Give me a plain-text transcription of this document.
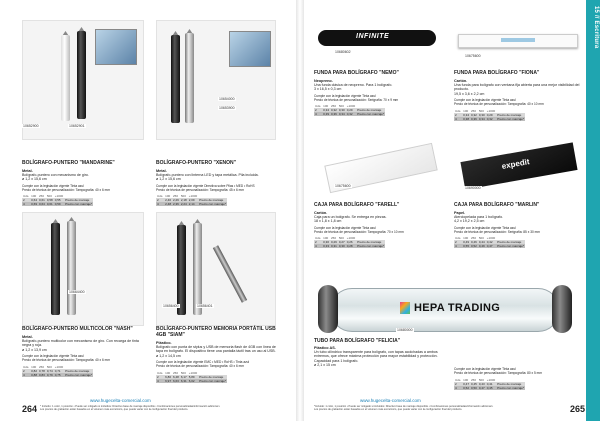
10652900	10652901
BOLÍGRAFO-PUNTERO "MANDARINE"
Metal.
Bolígrafo-puntero con mecanismo de giro.
ø 1,2 x 15,6 cm
Cumple con la legislación vigente Tinta azul
Precio de técnica de personalización: Tampografía: 40 x 6 mm
Uds.	100	250	500	+1000	
2	0,64	0,61	0,58	0,55	Precio de marcaje
4	0,69	0,64	0,61	0,59	Precio con marcaje*
10654000
10653900
BOLÍGRAFO-PUNTERO "XENON"
Metal.
Bolígrafo-puntero con linterna LED y tapa metálica. Pila incluida.
ø 1,2 x 15,6 cm
Cumple con la legislación vigente Directiva sobre Pilas • MED • RoHS
Precio de técnica de personalización: Tampografía: 45 x 6 mm
Uds.	100	250	500	+1000	
2	2,40	2,29	2,18	2,09	Precio de marcaje
4	2,48	2,36	2,24	2,14	Precio con marcaje*
10664400
BOLÍGRAFO-PUNTERO MULTICOLOR "NASH"
Metal.
Bolígrafo-puntero multicolor con mecanismo de giro. Con recarga de tinta negra y roja.
ø 1,2 x 13,9 cm
Cumple con la legislación vigente Tinta azul
Precio de técnica de personalización: Tampografía: 40 x 6 mm
Uds.	100	250	500	+1000	
2	0,82	0,78	0,74	0,71	Precio de marcaje
4	0,88	0,83	0,79	0,75	Precio con marcaje*
10656400	10656401
BOLÍGRAFO-PUNTERO MEMORIA PORTÁTIL USB 4GB "SIAM"
Plástico.
Bolígrafo con punta de stylus y USB de memoria flash de 4GB con línea de tapa en bolígrafo. El dispositivo tiene una pantalla táctil tras un uso al USB.
ø 1,2 x 14,5 cm
Cumple con la legislación vigente EMC • MED • RoHS • Tinta azul
Precio de técnica de personalización: Tampografía: 40 x 6 mm
Uds.	100	250	500	+1000	
2	6,80	6,48	6,17	5,89	Precio de marcaje
4	6,97	6,63	6,31	6,02	Precio con marcaje*
264
www.hugecelta-comercial.com
* Incluido: 1 color, 1 posición • Puede ser mitigado si incluidos: Directivo base de marcaje disponible • Combinaciones personalizadas/información adicional •
Los precios de grabación están basados en el volumen más económico, que puede variar con la configuración final del producto.
INFINITE
10680602
FUNDA PARA BOLÍGRAFO "NEMO"
Neopreno.
Una funda clásica de neopreno. Para 1 bolígrafo.
3 x 16,5 x 0,3 cm
Cumple con la legislación vigente Tinta azul
Precio de técnica de personalización: Serigrafía: 70 x 9 mm
Uds.	100	250	500	+1000	
2	0,34	0,32	0,30	0,29	Precio de marcaje
4	0,39	0,36	0,34	0,32	Precio con marcaje*
10675600
FUNDA PARA BOLÍGRAFO "FIONA"
Cartón.
Una funda para bolígrafo con ventana fija abierta para una mejor visibilidad del producto.
19,5 x 3,6 x 2,2 cm
Cumple con la legislación vigente Tinta azul
Precio de técnica de personalización: Tampografía: 40 x 10 mm
Uds.	100	250	500	+1000	
2	0,34	0,32	0,30	0,29	Precio de marcaje
4	0,38	0,36	0,34	0,32	Precio con marcaje*
10675600
CAJA PARA BOLÍGRAFO "FARELL"
Cartón.
Caja para un bolígrafo. Se entrega en piezas.
18 x 1,8 x 1,8 cm
Cumple con la legislación vigente Tinta azul
Precio de técnica de personalización: Tampografía: 70 x 10 mm
Uds.	100	250	500	+1000	
2	0,30	0,29	0,27	0,26	Precio de marcaje
4	0,33	0,31	0,30	0,28	Precio con marcaje*
expedit
10690000
CAJA PARA BOLÍGRAFO "MARLIN"
Papel.
Aterciopelada para 1 bolígrafo.
4,2 x 19,2 x 2,5 cm
Cumple con la legislación vigente Tinta azul
Precio de técnica de personalización: Serigrafía: 85 x 30 mm
Uds.	100	250	500	+1000	
2	0,49	0,46	0,44	0,42	Precio de marcaje
4	0,55	0,52	0,49	0,47	Precio con marcaje*
HEPA TRADING
10680000
TUBO PARA BOLÍGRAFO "FELICIA"
Plástico AS.
Un tubo cilíndrico transparente para bolígrafo, con tapas acolchadas a ambos extremos, que ofrece máxima protección para mayor estabilidad y protección. Capacidad para 1 bolígrafo.
ø 2,1 x 15 cm
Cumple con la legislación vigente Tinta azul
Precio de técnica de personalización: Tampografía: 80 x 5 mm
Uds.	100	250	500	+1000	
2	0,47	0,45	0,43	0,41	Precio de marcaje
4	0,52	0,50	0,47	0,45	Precio con marcaje*
www.hugecelta-comercial.com
*Incluido: 1 color, 1 posición • Puede ser mitigado si incluidos: Directivo base de marcaje disponible • Combinaciones personalizadas/información adicional •
Los precios de grabación están basados en el volumen más económico, que puede variar con la configuración final del producto.	265
15 // Escritura
